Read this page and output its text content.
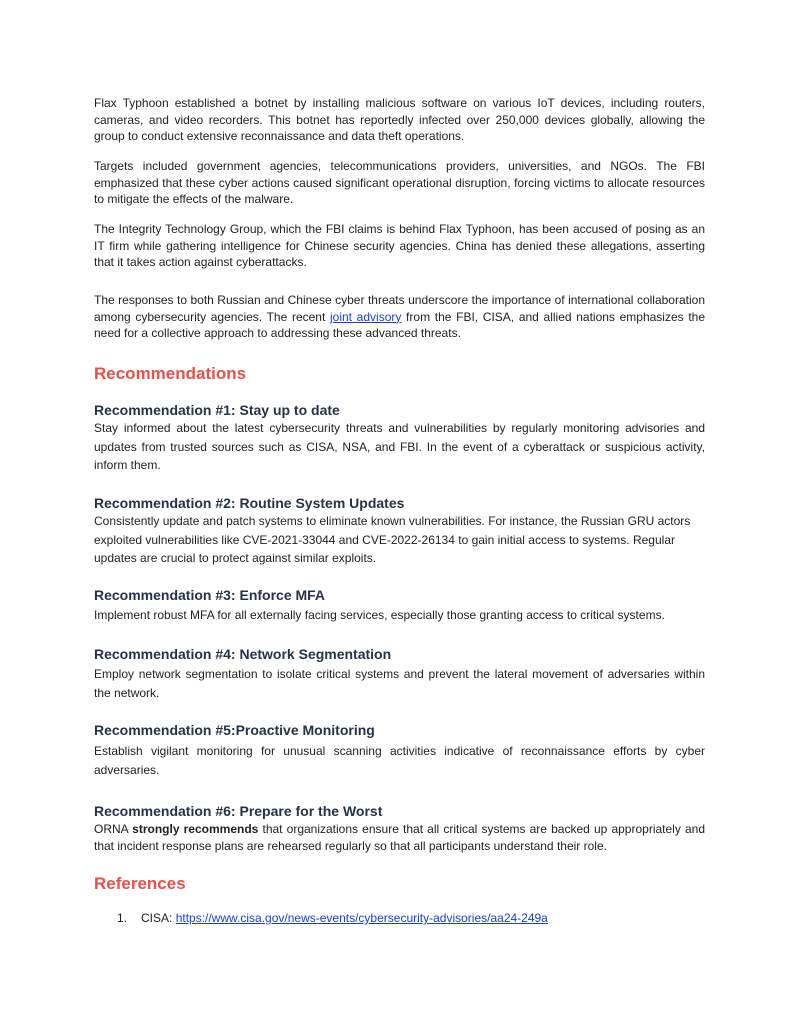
Flax Typhoon established a botnet by installing malicious software on various IoT devices, including routers, cameras, and video recorders. This botnet has reportedly infected over 250,000 devices globally, allowing the group to conduct extensive reconnaissance and data theft operations.

Targets included government agencies, telecommunications providers, universities, and NGOs. The FBI emphasized that these cyber actions caused significant operational disruption, forcing victims to allocate resources to mitigate the effects of the malware.

The Integrity Technology Group, which the FBI claims is behind Flax Typhoon, has been accused of posing as an IT firm while gathering intelligence for Chinese security agencies. China has denied these allegations, asserting that it takes action against cyberattacks.

The responses to both Russian and Chinese cyber threats underscore the importance of international collaboration among cybersecurity agencies. The recent joint advisory from the FBI, CISA, and allied nations emphasizes the need for a collective approach to addressing these advanced threats.

Recommendations
Recommendation #1: Stay up to date

Stay informed about the latest cybersecurity threats and vulnerabilities by regularly monitoring advisories and updates from trusted sources such as CISA, NSA, and FBI. In the event of a cyberattack or suspicious activity, inform them.

Recommendation #2: Routine System Updates

Consistently update and patch systems to eliminate known vulnerabilities. For instance, the Russian GRU actors exploited vulnerabilities like CVE-2021-33044 and CVE-2022-26134 to gain initial access to systems. Regular updates are crucial to protect against similar exploits.

Recommendation #3: Enforce MFA

Implement robust MFA for all externally facing services, especially those granting access to critical systems.

Recommendation #4: Network Segmentation

Employ network segmentation to isolate critical systems and prevent the lateral movement of adversaries within the network.

Recommendation #5:Proactive Monitoring

Establish vigilant monitoring for unusual scanning activities indicative of reconnaissance efforts by cyber adversaries.

Recommendation #6: Prepare for the Worst

ORNA strongly recommends that organizations ensure that all critical systems are backed up appropriately and that incident response plans are rehearsed regularly so that all participants understand their role.

References
1. CISA: https://www.cisa.gov/news-events/cybersecurity-advisories/aa24-249a
